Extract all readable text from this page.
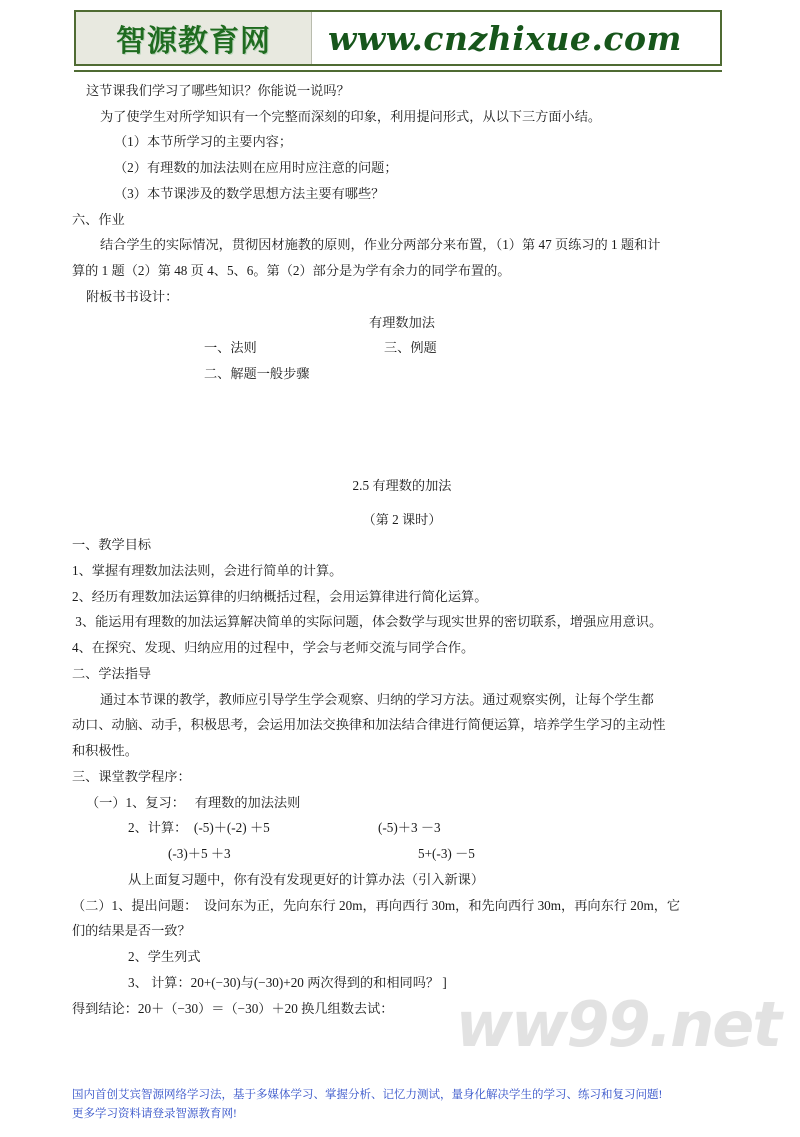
智源教育网	www.cnzhixue.com
这节课我们学习了哪些知识？你能说一说吗？
为了使学生对所学知识有一个完整而深刻的印象，利用提问形式，从以下三方面小结。
（1）本节所学习的主要内容；
（2）有理数的加法法则在应用时应注意的问题；
（3）本节课涉及的数学思想方法主要有哪些？
六、作业
结合学生的实际情况，贯彻因材施教的原则，作业分两部分来布置，（1）第 47 页练习的 1 题和计
算的 1 题（2）第 48 页 4、5、6。第（2）部分是为学有余力的同学布置的。
附板书书设计：
有理数加法
一、法则	三、例题
二、解题一般步骤
2.5 有理数的加法
（第 2 课时）
一、教学目标
1、掌握有理数加法法则，会进行简单的计算。
2、经历有理数加法运算律的归纳概括过程，会用运算律进行简化运算。
3、能运用有理数的加法运算解决简单的实际问题，体会数学与现实世界的密切联系，增强应用意识。
4、在探究、发现、归纳应用的过程中，学会与老师交流与同学合作。
二、学法指导
通过本节课的教学，教师应引导学生学会观察、归纳的学习方法。通过观察实例，让每个学生都
动口、动脑、动手，积极思考，会运用加法交换律和加法结合律进行简便运算，培养学生学习的主动性
和积极性。
三、课堂教学程序：
（一）1、复习：   有理数的加法法则
2、计算：  (-5)＋(-2) ＋5	(-5)＋3 －3
(-3)＋5 ＋3	5+(-3) －5
从上面复习题中，你有没有发现更好的计算办法（引入新课）
（二）1、提出问题：  设问东为正，先向东行 20m，再向西行 30m，和先向西行 30m，再向东行 20m，它
们的结果是否一致？
2、学生列式
3、 计算：20+(−30)与(−30)+20 两次得到的和相同吗？ ]
得到结论：20＋（−30）＝（−30）＋20 换几组数去试：	ww99.net
国内首创艾宾智源网络学习法，基于多媒体学习、掌握分析、记忆力测试，量身化解决学生的学习、练习和复习问题!
更多学习资料请登录智源教育网!
